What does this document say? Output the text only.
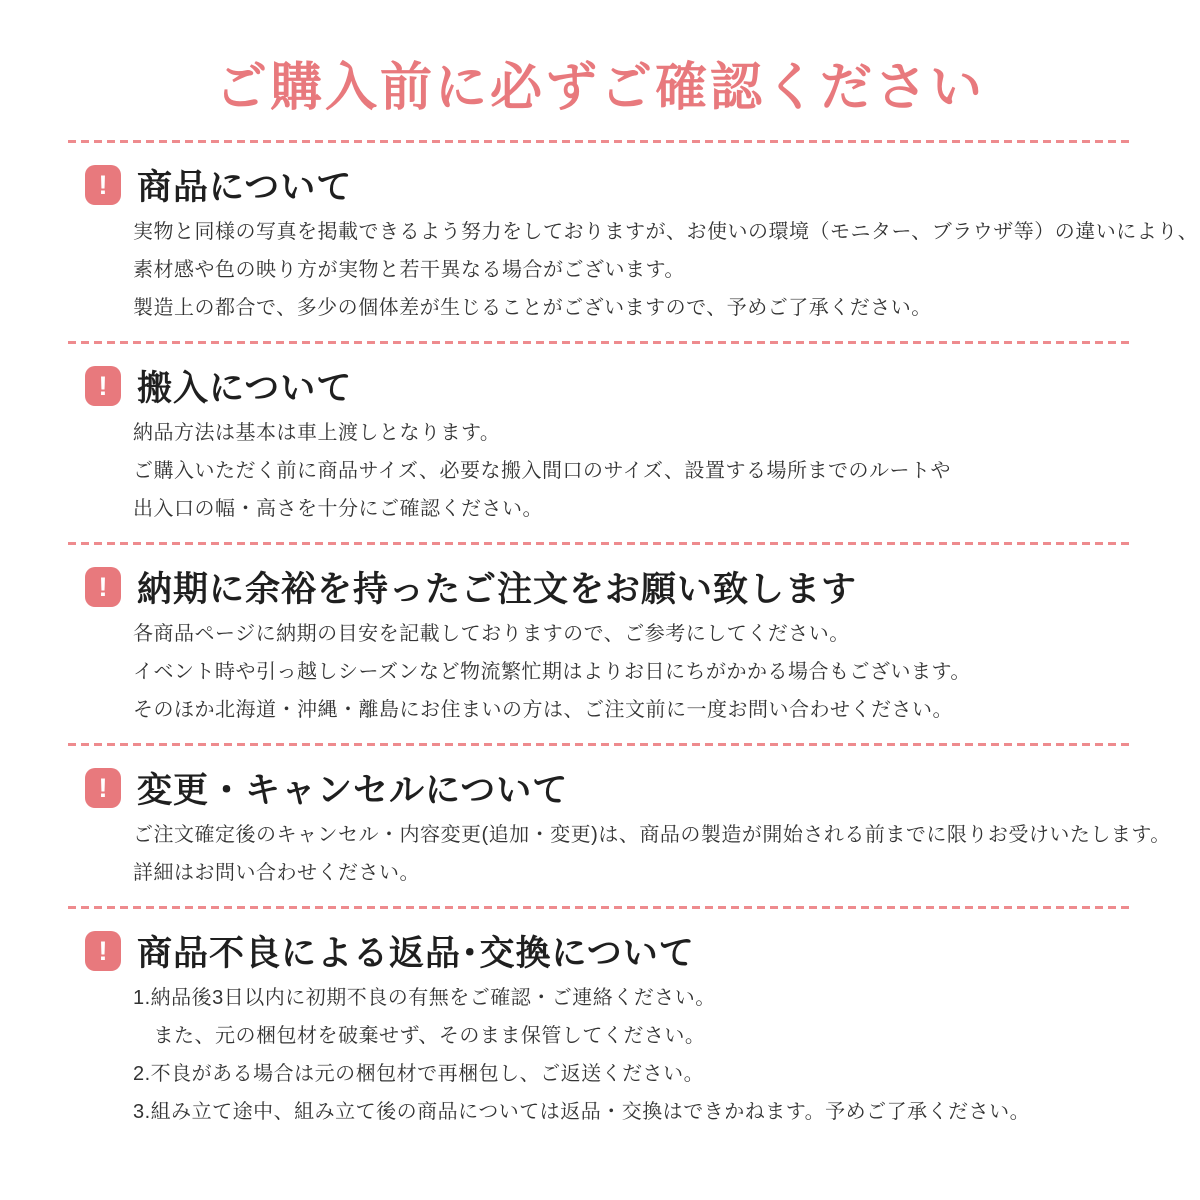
ご購入前に必ずご確認ください
! 商品について

実物と同様の写真を掲載できるよう努力をしておりますが、お使いの環境（モニター、ブラウザ等）の違いにより、

素材感や色の映り方が実物と若干異なる場合がございます。

製造上の都合で、多少の個体差が生じることがございますので、予めご了承ください。

! 搬入について

納品方法は基本は車上渡しとなります。

ご購入いただく前に商品サイズ、必要な搬入間口のサイズ、設置する場所までのルートや

出入口の幅・高さを十分にご確認ください。

! 納期に余裕を持ったご注文をお願い致します

各商品ページに納期の目安を記載しておりますので、ご参考にしてください。

イベント時や引っ越しシーズンなど物流繁忙期はよりお日にちがかかる場合もございます。

そのほか北海道・沖縄・離島にお住まいの方は、ご注文前に一度お問い合わせください。

! 変更・キャンセルについて

ご注文確定後のキャンセル・内容変更(追加・変更)は、商品の製造が開始される前までに限りお受けいたします。

詳細はお問い合わせください。

! 商品不良による返品･交換について

1.納品後3日以内に初期不良の有無をご確認・ご連絡ください。

　また、元の梱包材を破棄せず、そのまま保管してください。

2.不良がある場合は元の梱包材で再梱包し、ご返送ください。

3.組み立て途中、組み立て後の商品については返品・交換はできかねます。予めご了承ください。
